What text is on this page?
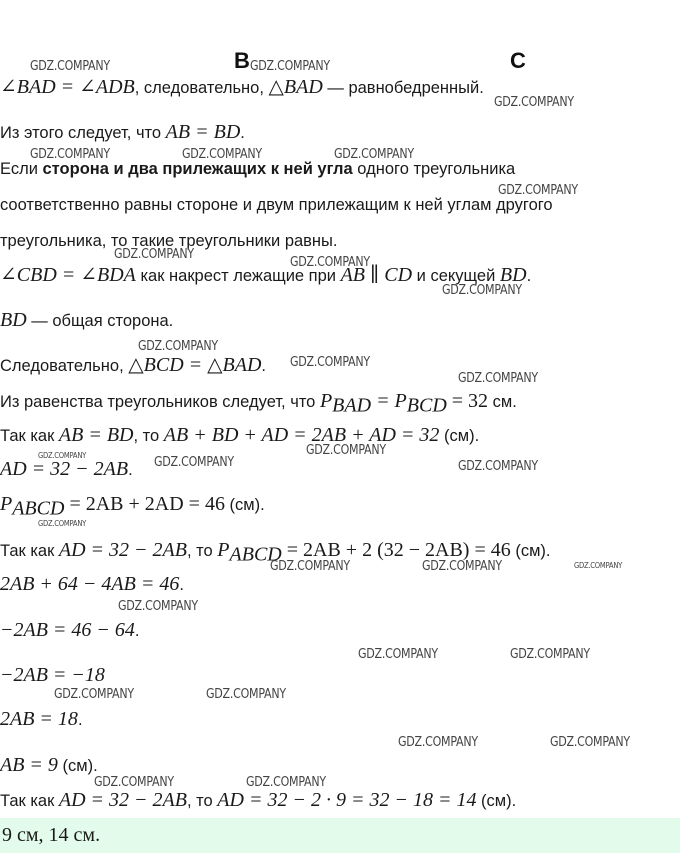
B	C
∠BAD = ∠ADB, следовательно, △BAD — равнобедренный.
Из этого следует, что AB = BD.
Если сторона и два прилежащих к ней угла одного треугольника
соответственно равны стороне и двум прилежащим к ней углам другого
треугольника, то такие треугольники равны.
∠CBD = ∠BDA как накрест лежащие при AB ∥ CD и секущей BD.
BD — общая сторона.
Следовательно, △BCD = △BAD.
Из равенства треугольников следует, что $P_{BAD} = P_{BCD} = 32$ см.
Так как AB = BD, то AB + BD + AD = 2AB + AD = 32 (см).
AD = 32 − 2AB.
$P_{ABCD} = 2AB + 2AD = 46$ (см).
Так как AD = 32 − 2AB, то $P_{ABCD} = 2AB + 2$ (32 − 2AB) = 46 (см).
2AB + 64 − 4AB = 46.
−2AB = 46 − 64.
−2AB = −18
2AB = 18.
AB = 9 (см).
Так как AD = 32 − 2AB, то AD = 32 − 2 · 9 = 32 − 18 = 14 (см).
9 см, 14 см.
GDZ.COMPANY	GDZ.COMPANY
GDZ.COMPANY
GDZ.COMPANY	GDZ.COMPANY	GDZ.COMPANY
GDZ.COMPANY
GDZ.COMPANY
GDZ.COMPANY
GDZ.COMPANY
GDZ.COMPANY
GDZ.COMPANY
GDZ.COMPANY
GDZ.COMPANY
GDZ.COMPANY	GDZ.COMPANY	GDZ.COMPANY
GDZ.COMPANY
GDZ.COMPANY	GDZ.COMPANY	GDZ.COMPANY
GDZ.COMPANY
GDZ.COMPANY	GDZ.COMPANY
GDZ.COMPANY	GDZ.COMPANY
GDZ.COMPANY	GDZ.COMPANY
GDZ.COMPANY	GDZ.COMPANY
